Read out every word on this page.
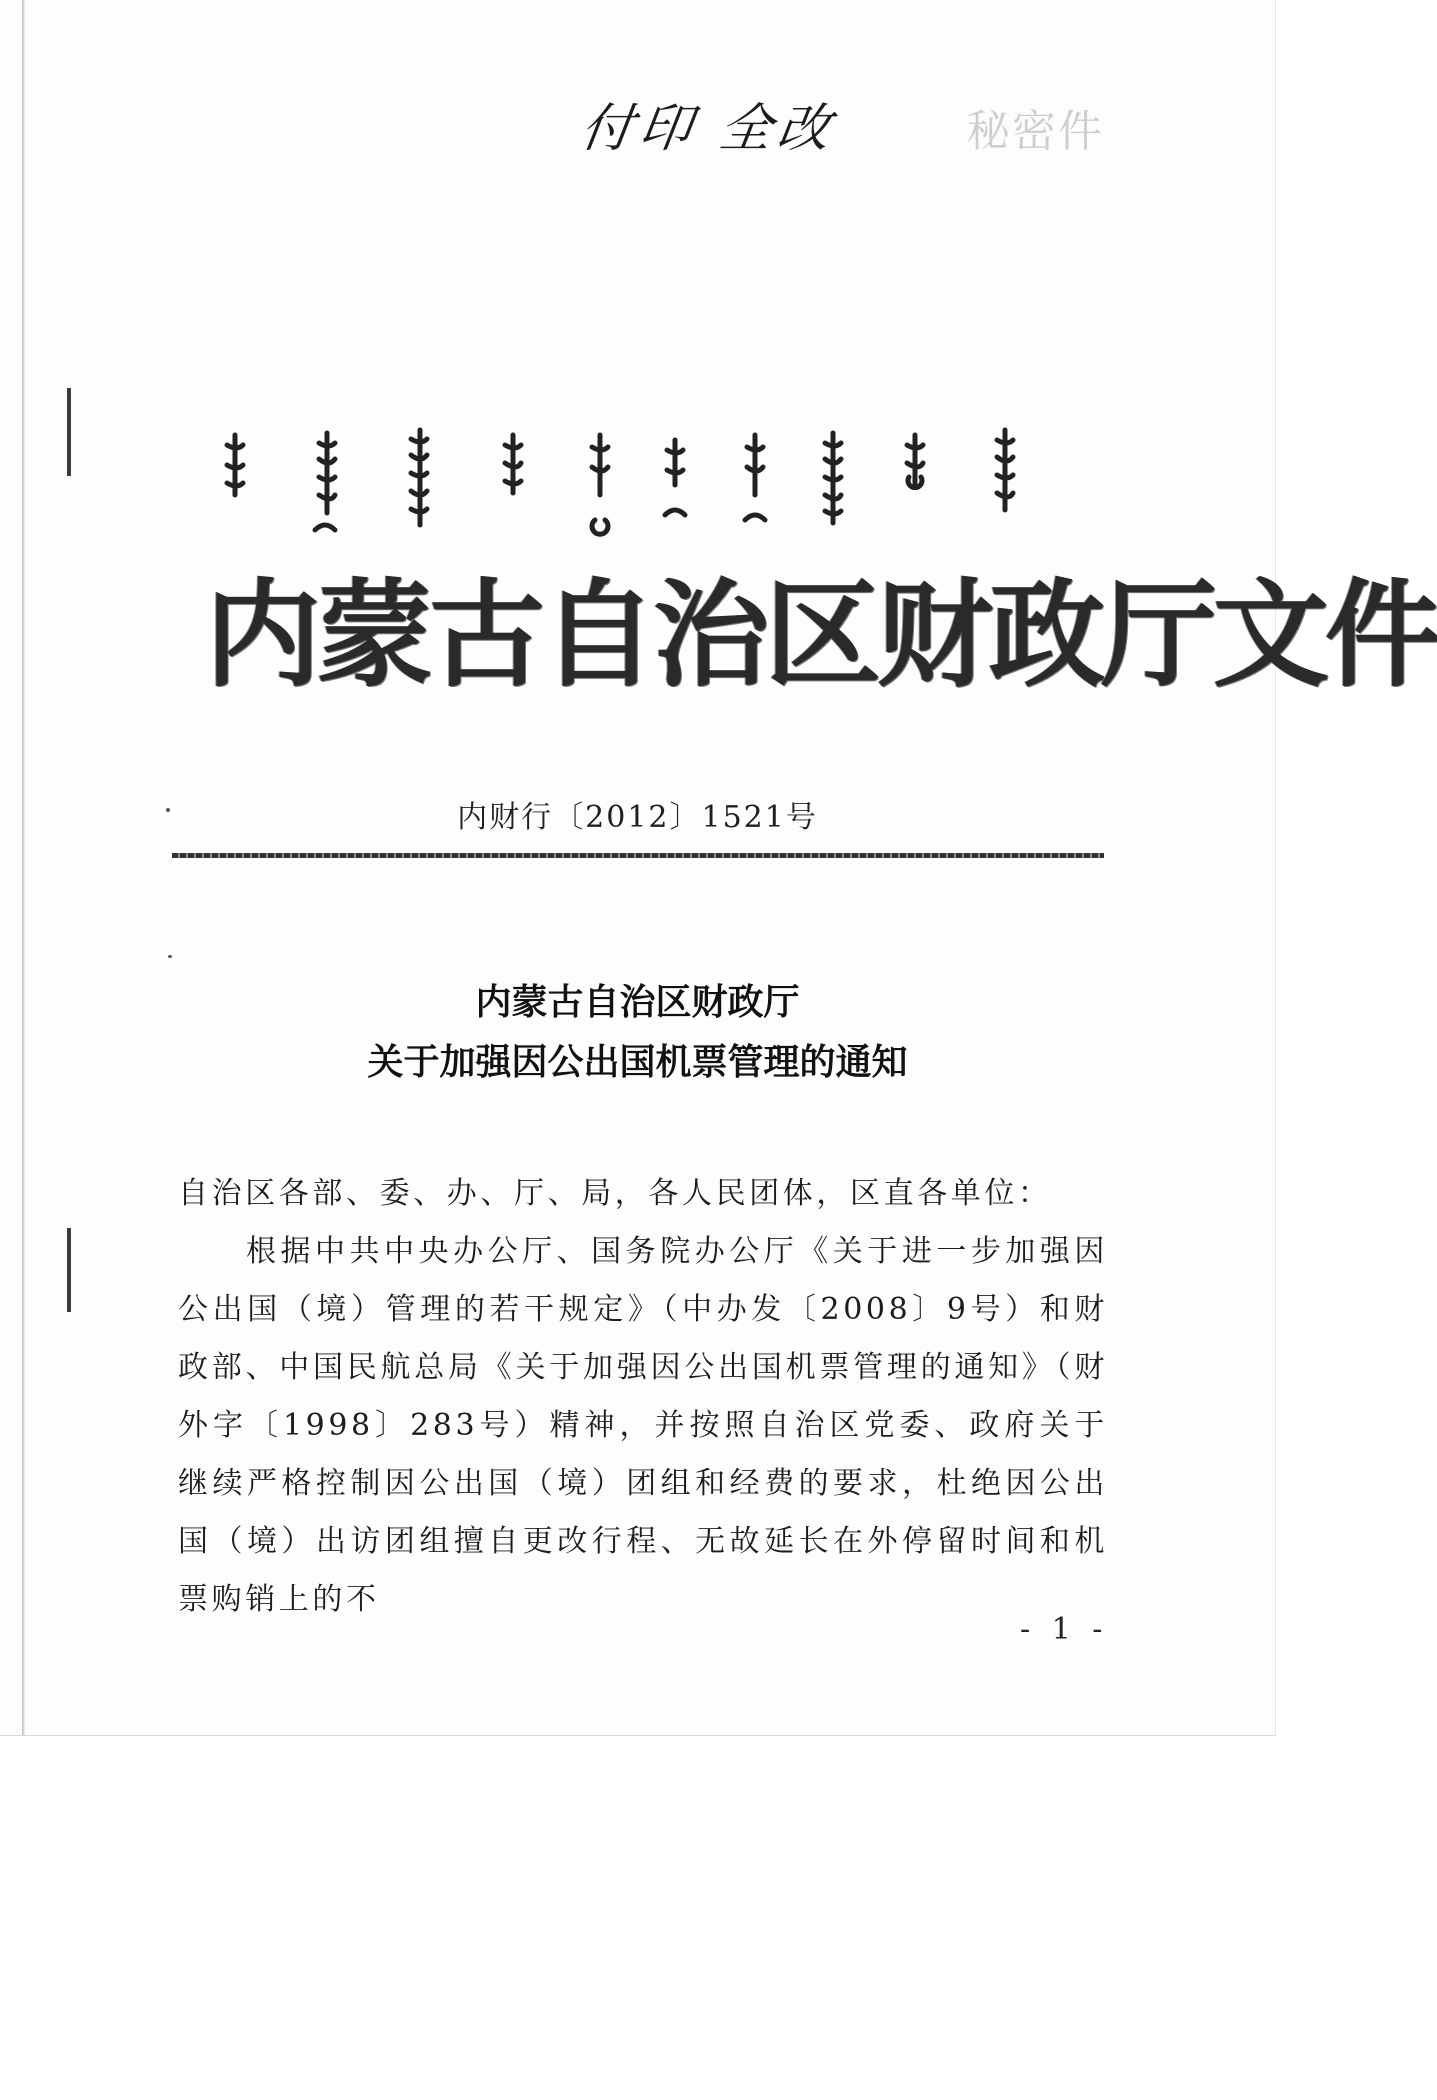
付印 全改	秘密件
内蒙古自治区财政厅文件
内财行〔2012〕1521号
内蒙古自治区财政厅
关于加强因公出国机票管理的通知

自治区各部、委、办、厅、局，各人民团体，区直各单位：

根据中共中央办公厅、国务院办公厅《关于进一步加强因公出国（境）管理的若干规定》（中办发〔2008〕9号）和财政部、中国民航总局《关于加强因公出国机票管理的通知》（财外字〔1998〕283号）精神，并按照自治区党委、政府关于继续严格控制因公出国（境）团组和经费的要求，杜绝因公出国（境）出访团组擅自更改行程、无故延长在外停留时间和机票购销上的不

- 1 -
